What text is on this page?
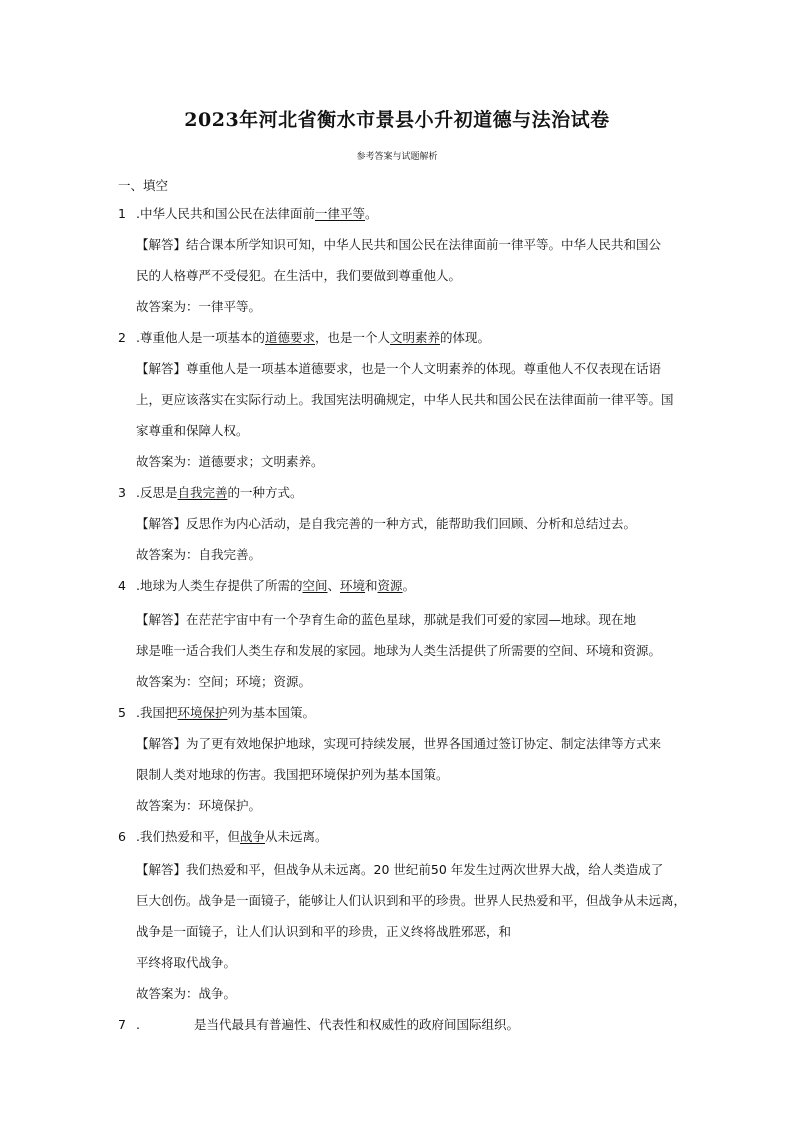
2023年河北省衡水市景县小升初道德与法治试卷
参考答案与试题解析
一、填空
1 .中华人民共和国公民在法律面前一律平等。
【解答】结合课本所学知识可知，中华人民共和国公民在法律面前一律平等。中华人民共和国公
民的人格尊严不受侵犯。在生活中，我们要做到尊重他人。
故答案为：一律平等。
2 .尊重他人是一项基本的道德要求，也是一个人文明素养的体现。
【解答】尊重他人是一项基本道德要求，也是一个人文明素养的体现。尊重他人不仅表现在话语
上，更应该落实在实际行动上。我国宪法明确规定，中华人民共和国公民在法律面前一律平等。国
家尊重和保障人权。
故答案为：道德要求；文明素养。
3 .反思是自我完善的一种方式。
【解答】反思作为内心活动，是自我完善的一种方式，能帮助我们回顾、分析和总结过去。
故答案为：自我完善。
4 .地球为人类生存提供了所需的空间、环境和资源。
【解答】在茫茫宇宙中有一个孕育生命的蓝色星球，那就是我们可爱的家园—地球。现在地
球是唯一适合我们人类生存和发展的家园。地球为人类生活提供了所需要的空间、环境和资源。
故答案为：空间；环境；资源。
5 .我国把环境保护列为基本国策。
【解答】为了更有效地保护地球，实现可持续发展，世界各国通过签订协定、制定法律等方式来
限制人类对地球的伤害。我国把环境保护列为基本国策。
故答案为：环境保护。
6 .我们热爱和平，但战争从未远离。
【解答】我们热爱和平，但战争从未远离。20 世纪前50 年发生过两次世界大战，给人类造成了
巨大创伤。战争是一面镜子，能够让人们认识到和平的珍贵。世界人民热爱和平，但战争从未远离，
战争是一面镜子，让人们认识到和平的珍贵，正义终将战胜邪恶，和
平终将取代战争。
故答案为：战争。
7 .	是当代最具有普遍性、代表性和权威性的政府间国际组织。
